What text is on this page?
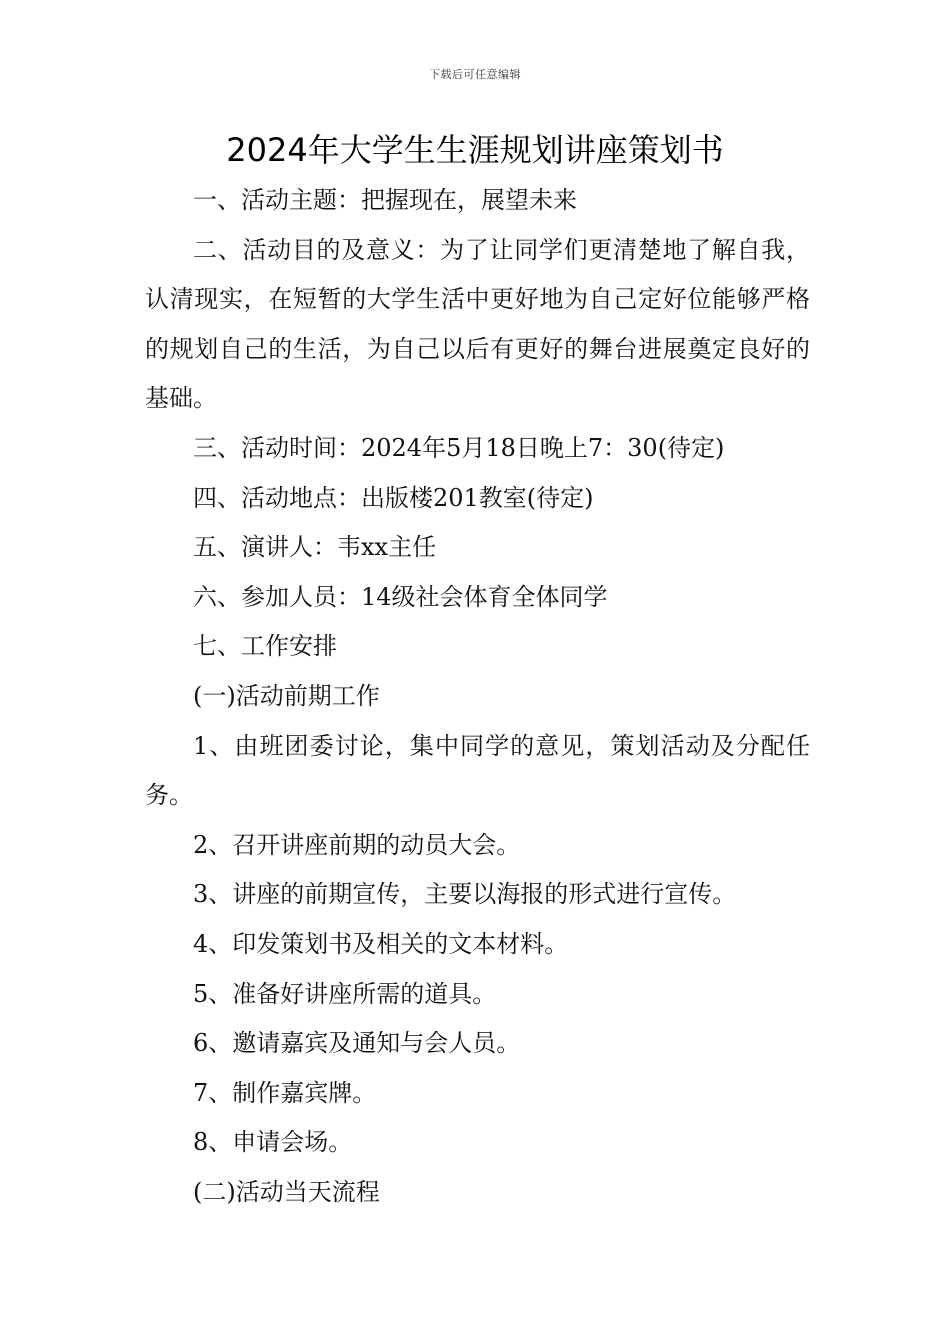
下载后可任意编辑
2024年大学生生涯规划讲座策划书

一、活动主题：把握现在，展望未来

二、活动目的及意义：为了让同学们更清楚地了解自我，认清现实，在短暂的大学生活中更好地为自己定好位能够严格的规划自己的生活，为自己以后有更好的舞台进展奠定良好的基础。

三、活动时间：2024年5月18日晚上7：30(待定)

四、活动地点：出版楼201教室(待定)

五、演讲人：韦xx主任

六、参加人员：14级社会体育全体同学

七、工作安排

(一)活动前期工作

1、由班团委讨论，集中同学的意见，策划活动及分配任务。

2、召开讲座前期的动员大会。

3、讲座的前期宣传，主要以海报的形式进行宣传。

4、印发策划书及相关的文本材料。

5、准备好讲座所需的道具。

6、邀请嘉宾及通知与会人员。

7、制作嘉宾牌。

8、申请会场。

(二)活动当天流程
